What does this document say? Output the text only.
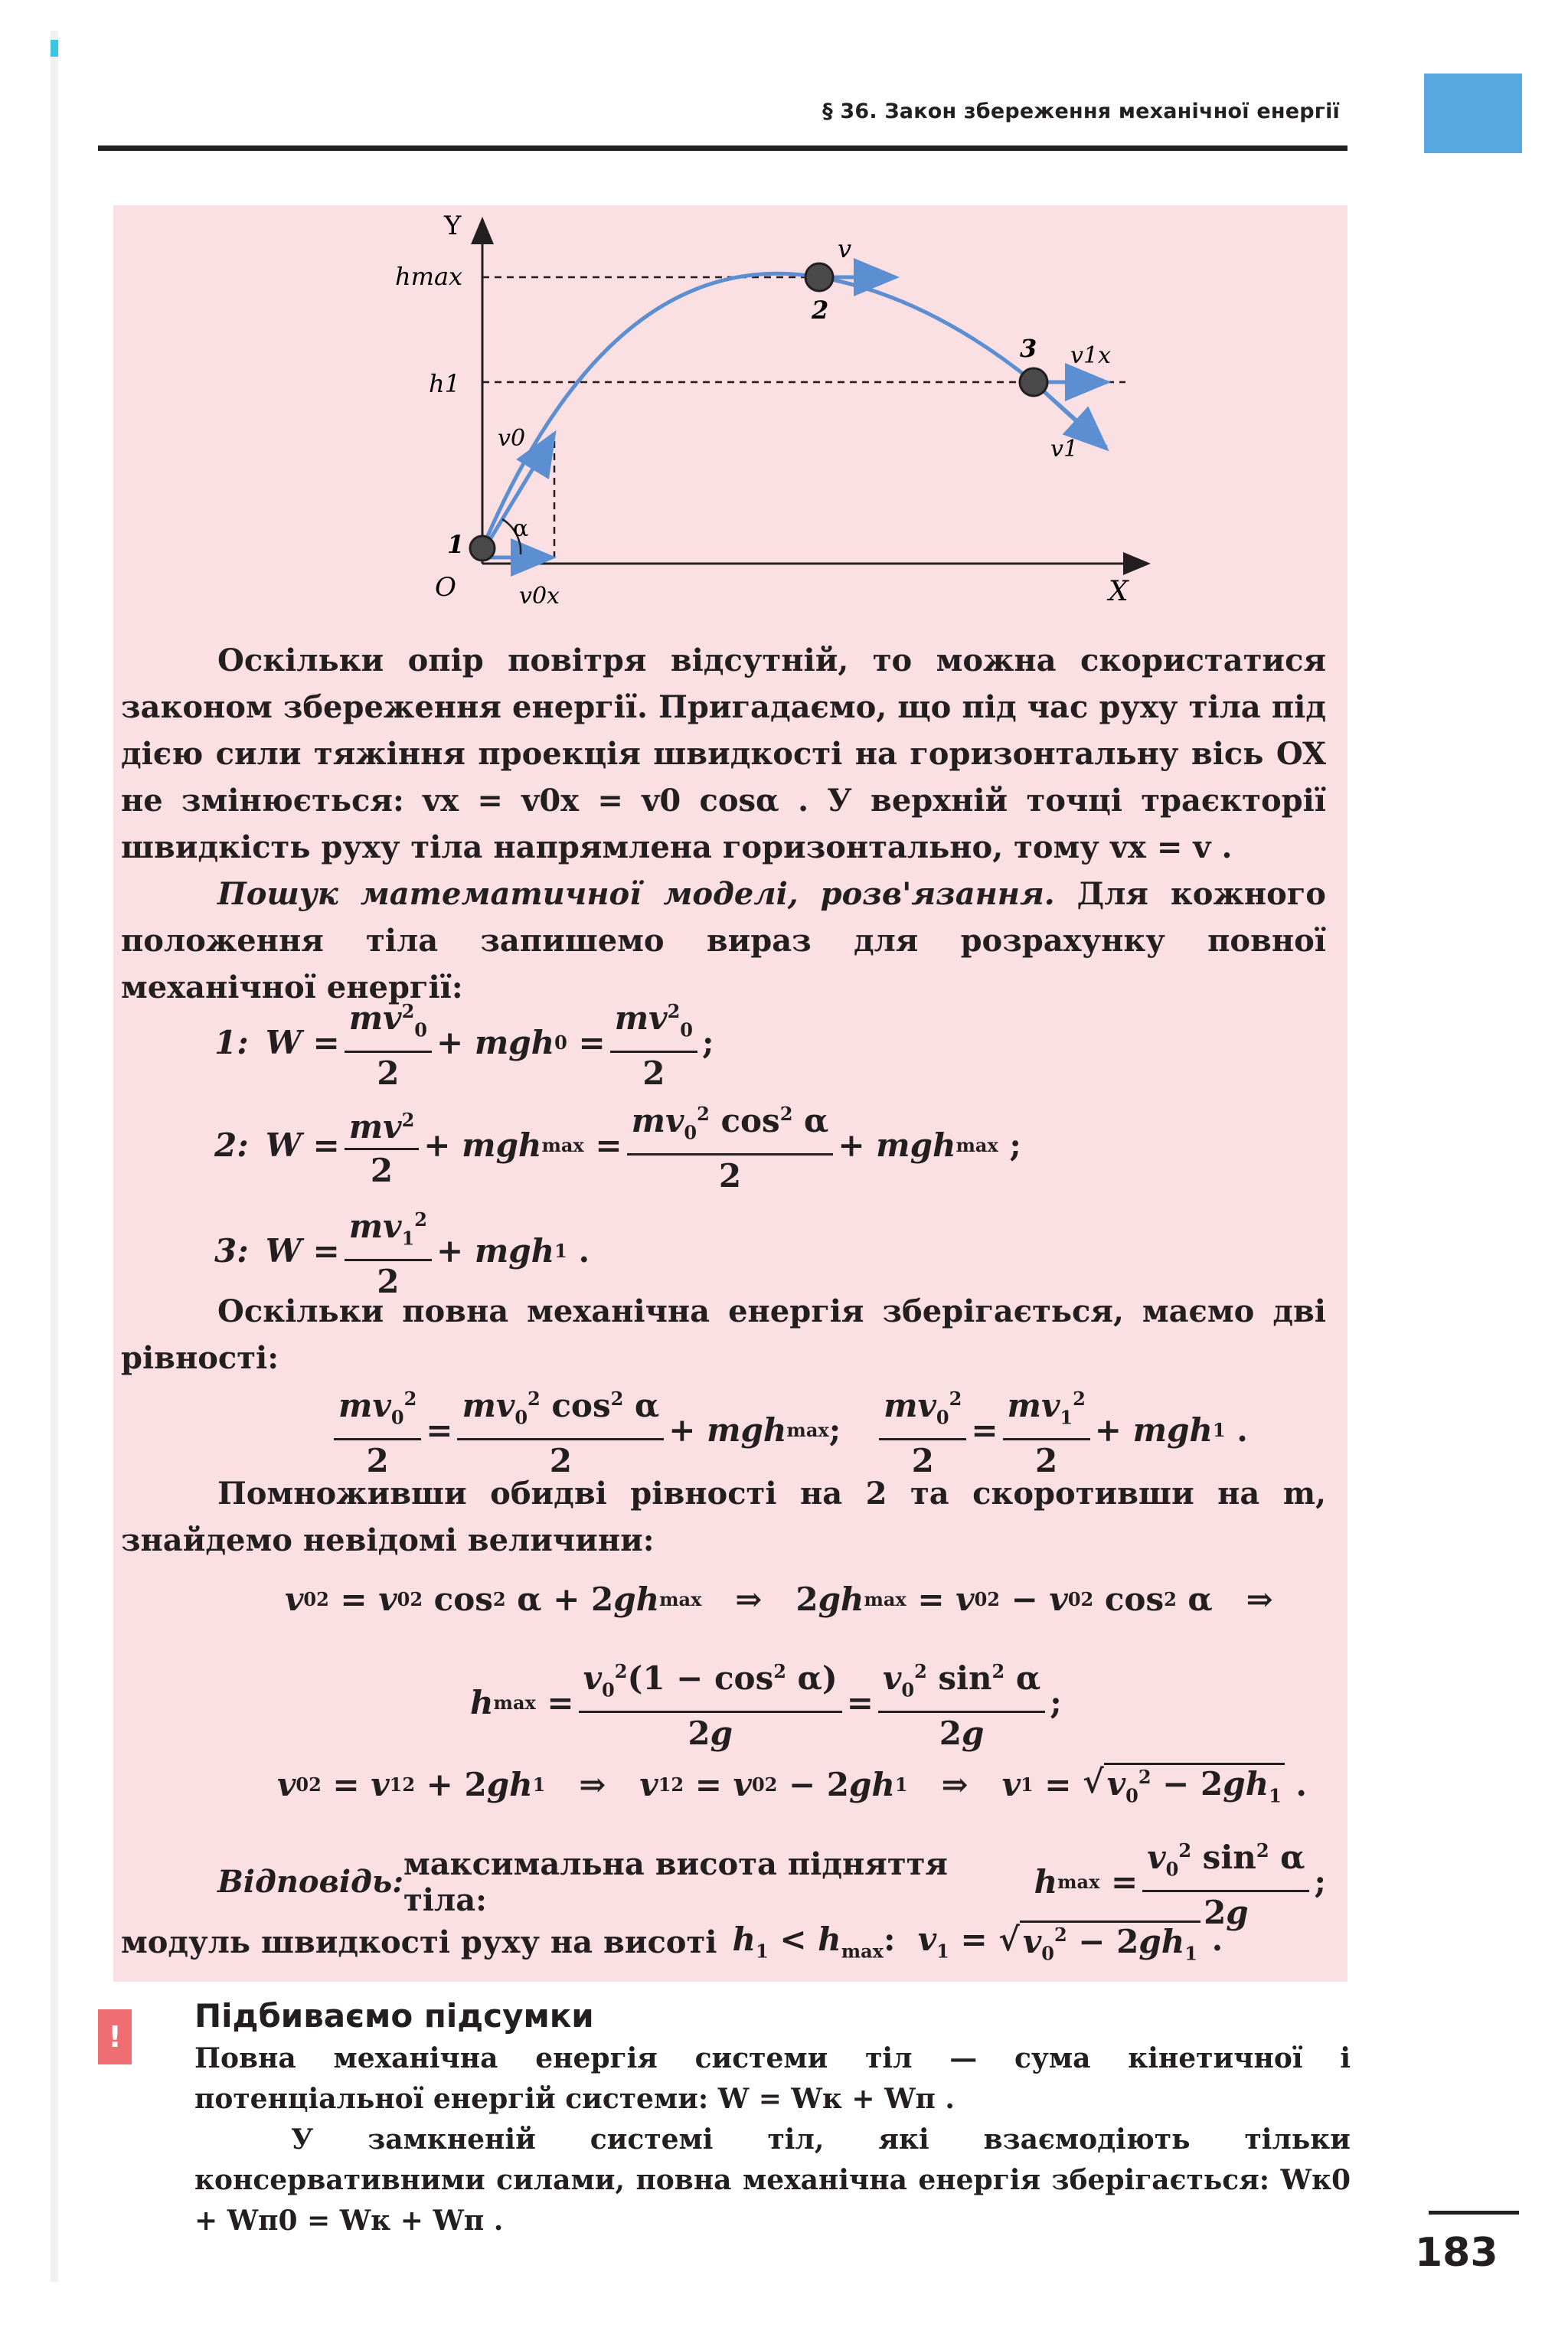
§ 36. Закон збереження механічної енергії
Y
X
O
hmax
h1
v0
v0x
v
v1x
v1
α
1
2
3

Оскільки опір повітря відсутній, то можна скористатися законом збереження енергії. Пригадаємо, що під час руху тіла під дією сили тяжіння проекція швидкості на горизонтальну вісь OX не змінюється: vx = v0x = v0 cosα . У верхній точці траєкторії швидкість руху тіла напрямлена горизонтально, тому vx = v .

Пошук математичної моделі, розв'язання. Для кожного положення тіла запишемо вираз для розрахунку повної механічної енергії:

1: $W = \frac{mv^2_0}{2}$ + mgh $0 = \frac{mv^2_0}{2}$ ;
2: $W = \frac{mv^2}{2}$ + mgh $\max = \frac{mv_0^2 \cos^2 \alpha}{2}$ + mgh max ;
3: $W = \frac{mv_1^2}{2}$ + mgh 1 .

Оскільки повна механічна енергія зберігається, маємо дві рівності:

$\frac{mv_0^2}{2} = \frac{mv_0^2 \cos^2 \alpha}{2}$ + mgh max ; $\frac{mv_0^2}{2} = \frac{mv_1^2}{2}$ + mgh 1 .

Помноживши обидві рівності на 2 та скоротивши на m, знайдемо невідомі величини:

v 0 2 = v 0 2 cos 2 α + 2 gh max ⇒   2 gh max = v 0 2 − v 0 2 cos 2 α   ⇒
h $\max = \frac{v_0^2(1 - \cos^2 \alpha)}{2g} = \frac{v_0^2 \sin^2 \alpha}{2g}$ ;
v 0 2 = v 1 2 + 2 gh 1 ⇒ v 1 2 = v 0 2 − 2 gh 1 ⇒ v 1 = √ $v_0^2 - 2gh_1$ .
Відповідь: максимальна висота підняття тіла:	h $\max = \frac{v_0^2 \sin^2 \alpha}{2g}$ ;
модуль швидкості руху на висоті $h_1 < h_{max}$:  $v_1$ = √ $v_0^2 - 2gh_1$ .
!
Підбиваємо підсумки

Повна механічна енергія системи тіл — сума кінетичної і потенціальної енергій системи: W = Wк + Wп .

У замкненій системі тіл, які взаємодіють тільки консервативними силами, повна механічна енергія зберігається: Wк0 + Wп0 = Wк + Wп .

183
